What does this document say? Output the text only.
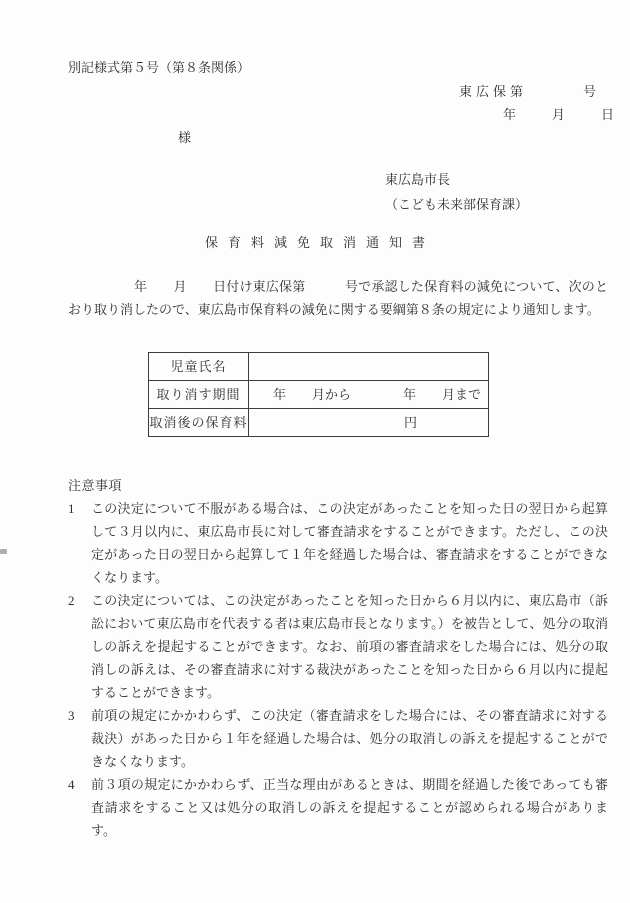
別記様式第５号（第８条関係）
東広保第	号
年	月	日
様
東広島市長
（こども未来部保育課）
保育料減免取消通知書
　　　　　年　　月　　日付け東広保第　　　号で承認した保育料の減免について、次のとおり取り消したので、東広島市保育料の減免に関する要綱第８条の規定により通知します。
児童氏名
取り消す期間	年　　月から　　　　年　　月まで
取消後の保育料	円
注意事項
1 この決定について不服がある場合は、この決定があったことを知った日の翌日から起算して３月以内に、東広島市長に対して審査請求をすることができます。ただし、この決定があった日の翌日から起算して１年を経過した場合は、審査請求をすることができなくなります。
2 この決定については、この決定があったことを知った日から６月以内に、東広島市（訴訟において東広島市を代表する者は東広島市長となります。）を被告として、処分の取消しの訴えを提起することができます。なお、前項の審査請求をした場合には、処分の取消しの訴えは、その審査請求に対する裁決があったことを知った日から６月以内に提起することができます。
3 前項の規定にかかわらず、この決定（審査請求をした場合には、その審査請求に対する裁決）があった日から１年を経過した場合は、処分の取消しの訴えを提起することができなくなります。
4 前３項の規定にかかわらず、正当な理由があるときは、期間を経過した後であっても審査請求をすること又は処分の取消しの訴えを提起することが認められる場合があります。
